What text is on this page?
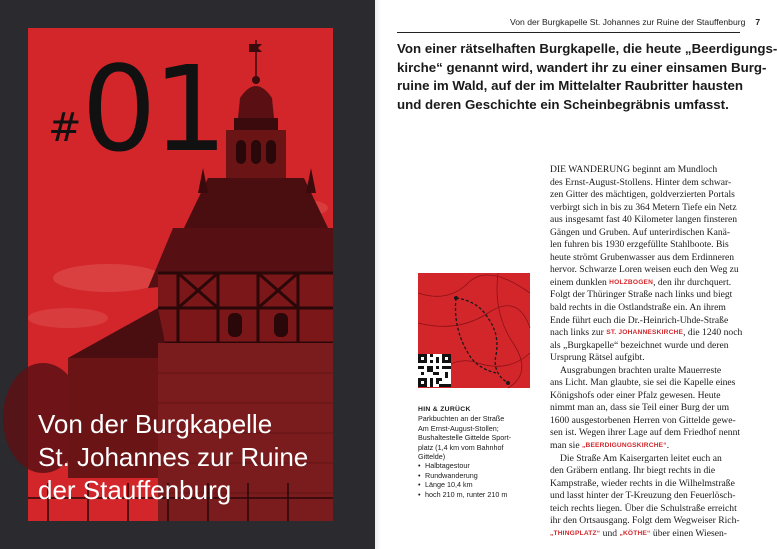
#01
Von der Burgkapelle
St. Johannes zur Ruine
der Stauffenburg
Von der Burgkapelle St. Johannes zur Ruine der Stauffenburg 7
Von einer rätselhaften Burgkapelle, die heute „Beerdigungs-
kirche“ genannt wird, wandert ihr zu einer einsamen Burg-
ruine im Wald, auf der im Mittelalter Raubritter hausten
und deren Geschichte ein Scheinbegräbnis umfasst.
HIN & ZURÜCK
Parkbuchten an der Straße
Am Ernst-August-Stollen;
Bushaltestelle Gittelde Sport-
platz (1,4 km vom Bahnhof
Gittelde)
• Halbtagestour
• Rundwanderung
• Länge 10,4 km
• hoch 210 m, runter 210 m
DIE WANDERUNG beginnt am Mundloch
des Ernst-August-Stollens. Hinter dem schwar-
zen Gitter des mächtigen, goldverzierten Portals
verbirgt sich in bis zu 364 Metern Tiefe ein Netz
aus insgesamt fast 40 Kilometer langen finsteren
Gängen und Gruben. Auf unterirdischen Kanä-
len fuhren bis 1930 erzgefüllte Stahlboote. Bis
heute strömt Grubenwasser aus dem Erdinneren
hervor. Schwarze Loren weisen euch den Weg zu
einem dunklen
HOLZBOGEN , den ihr durchquert.
Folgt der Thüringer Straße nach links und biegt
bald rechts in die Ostlandstraße ein. An ihrem
Ende führt euch die Dr.-Heinrich-Uhde-Straße
nach links zur
ST. JOHANNESKIRCHE , die 1240 noch
als „Burgkapelle“ bezeichnet wurde und deren
Ursprung Rätsel aufgibt.
Ausgrabungen brachten uralte Mauerreste
ans Licht. Man glaubte, sie sei die Kapelle eines
Königshofs oder einer Pfalz gewesen. Heute
nimmt man an, dass sie Teil einer Burg der um
1600 ausgestorbenen Herren von Gittelde gewe-
sen ist. Wegen ihrer Lage auf dem Friedhof nennt
man sie
„BEERDIGUNGSKIRCHE“ .
Die Straße Am Kaisergarten leitet euch an
den Gräbern entlang. Ihr biegt rechts in die
Kampstraße, wieder rechts in die Wilhelmstraße
und lasst hinter der T-Kreuzung den Feuerlösch-
teich rechts liegen. Über die Schulstraße erreicht
ihr den Ortsausgang. Folgt dem Wegweiser Rich-
„THINGPLATZ“ und „KÖTHE“ über einen Wiesen-
